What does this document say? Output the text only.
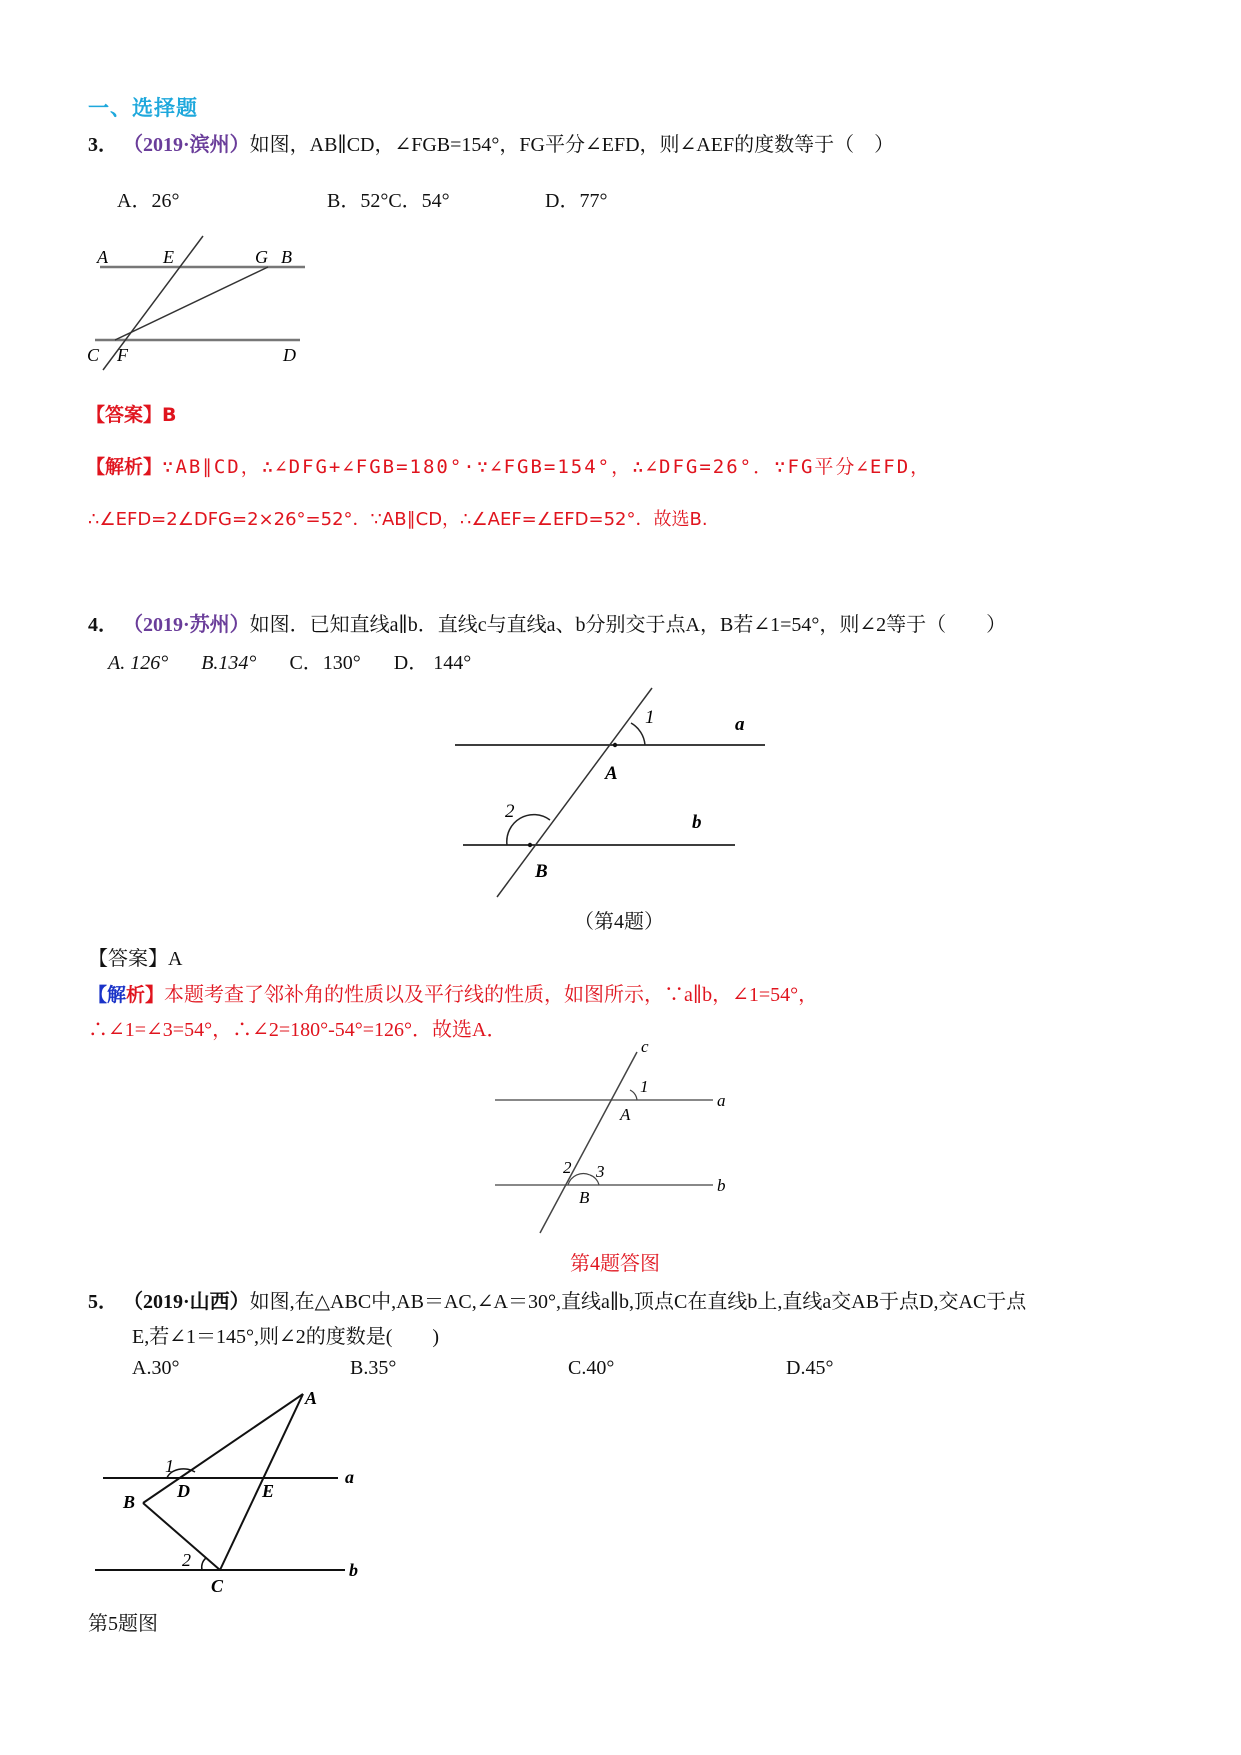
一、选择题
3． （2019·滨州）如图，AB∥CD，∠FGB=154°，FG平分∠EFD，则∠AEF的度数等于（　）
A．26°	B．52°C．54°	D．77°
A	E	G B
C F	D
【答案】B
【解析】∵AB∥CD，∴∠DFG+∠FGB=180°·∵∠FGB=154°，∴∠DFG=26°．∵FG平分∠EFD，
∴∠EFD=2∠DFG=2×26°=52°．∵AB∥CD，∴∠AEF=∠EFD=52°．故选B.
4． （2019·苏州）如图．已知直线a∥b．直线c与直线a、b分别交于点A，B若∠1=54°，则∠2等于（　　）
A. 126° B.134° C．130° D． 144°
1	a
A
2
b
B
（第4题）
【答案】A
【解析】本题考查了邻补角的性质以及平行线的性质，如图所示，∵a∥b，∠1=54°，
∴∠1=∠3=54°，∴∠2=180°-54°=126°．故选A．
c
1
a
A
2 3
b
B
第4题答图
5． （2019·山西）如图,在△ABC中,AB＝AC,∠A＝30°,直线a∥b,顶点C在直线b上,直线a交AB于点D,交AC于点
E,若∠1＝145°,则∠2的度数是(　　)
A.30°	B.35°	C.40°	D.45°
A
1
D	E
a
B
2
C
b
第5题图
